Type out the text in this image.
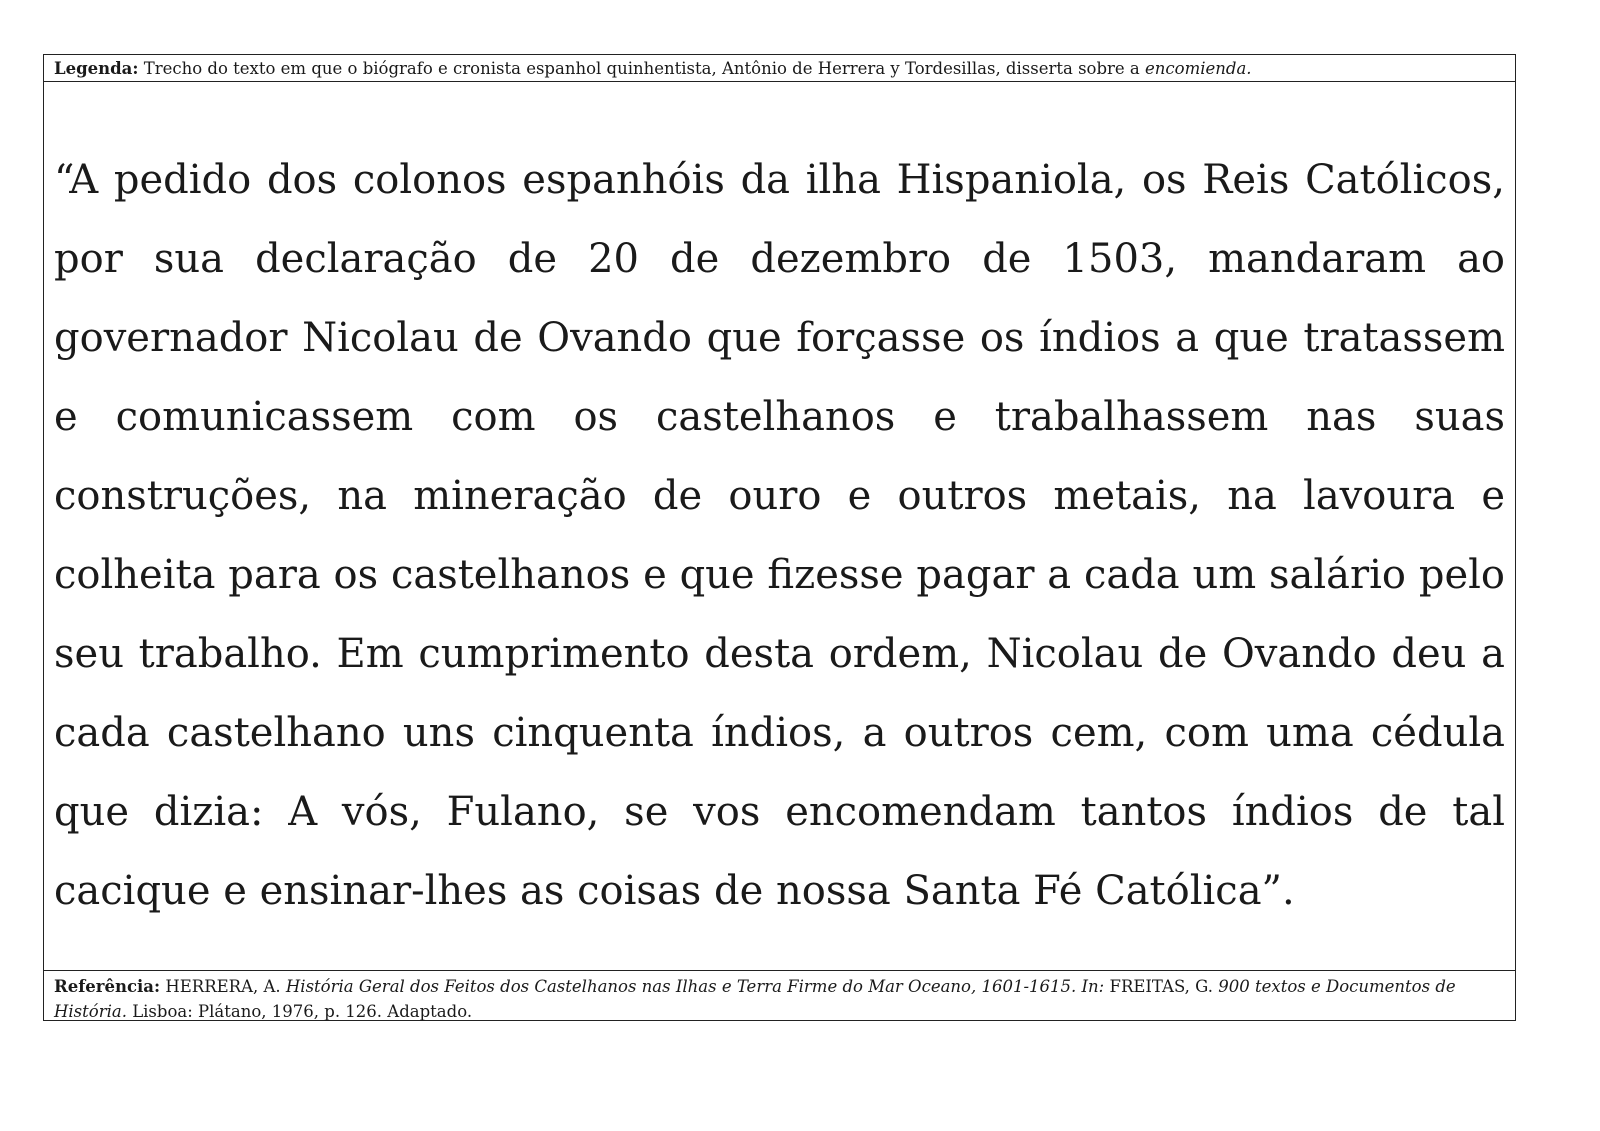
Legenda: Trecho do texto em que o biógrafo e cronista espanhol quinhentista, Antônio de Herrera y Tordesillas, disserta sobre a encomienda.

“A pedido dos colonos espanhóis da ilha Hispaniola, os Reis Católicos, por sua declaração de 20 de dezembro de 1503, mandaram ao governador Nicolau de Ovando que forçasse os índios a que tratassem e comunicassem com os castelhanos e trabalhassem nas suas construções, na mineração de ouro e outros metais, na lavoura e colheita para os castelhanos e que fizesse pagar a cada um salário pelo seu trabalho. Em cumprimento desta ordem, Nicolau de Ovando deu a cada castelhano uns cinquenta índios, a outros cem, com uma cédula que dizia: A vós, Fulano, se vos encomendam tantos índios de tal cacique e ensinar-lhes as coisas de nossa Santa Fé Católica”.

Referência: HERRERA, A. História Geral dos Feitos dos Castelhanos nas Ilhas e Terra Firme do Mar Oceano, 1601-1615. In: FREITAS, G. 900 textos e Documentos de História. Lisboa: Plátano, 1976, p. 126. Adaptado.
